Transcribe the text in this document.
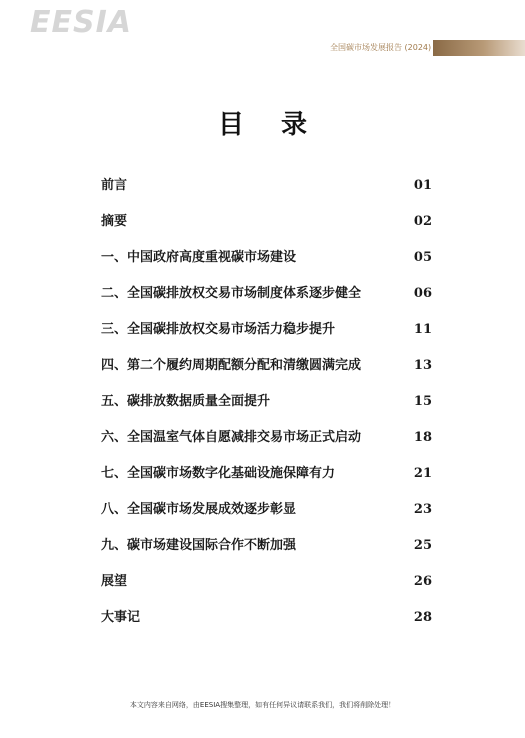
EESIA
全国碳市场发展报告 (2024)
目 录
前言	01
摘要	02
一、中国政府高度重视碳市场建设	05
二、全国碳排放权交易市场制度体系逐步健全	06
三、全国碳排放权交易市场活力稳步提升	11
四、第二个履约周期配额分配和清缴圆满完成	13
五、碳排放数据质量全面提升	15
六、全国温室气体自愿减排交易市场正式启动	18
七、全国碳市场数字化基础设施保障有力	21
八、全国碳市场发展成效逐步彰显	23
九、碳市场建设国际合作不断加强	25
展望	26
大事记	28
本文内容来自网络，由EESIA搜集整理，如有任何异议请联系我们，我们将削除处理！
